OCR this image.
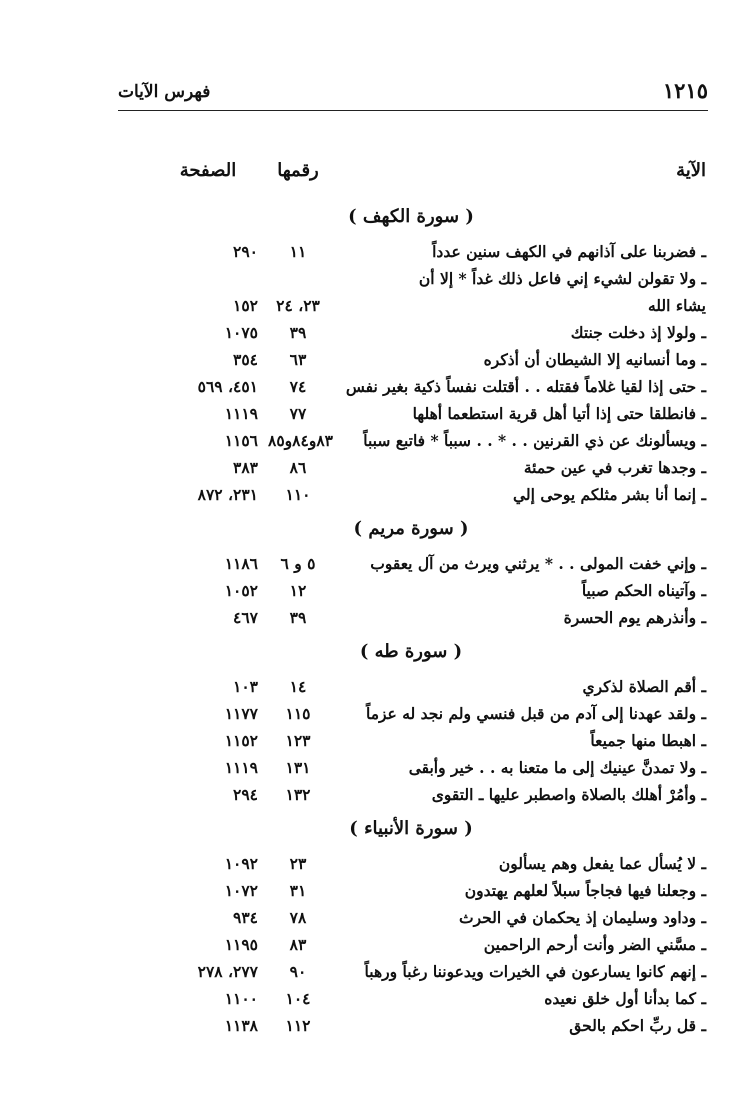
١٢١٥
فهرس الآيات
الآية
رقمها
الصفحة
( سورة الكهف )
ـ فضربنا على آذانهم في الكهف سنين عدداً
١١
٢٩٠
ـ ولا تقولن لشيء إني فاعل ذلك غداً * إلا أن
يشاء الله
٢٣، ٢٤
١٥٢
ـ ولولا إذ دخلت جنتك
٣٩
١٠٧٥
ـ وما أنسانيه إلا الشيطان أن أذكره
٦٣
٣٥٤
ـ حتى إذا لقيا غلاماً فقتله . . أقتلت نفساً ذكية بغير نفس
٧٤
٤٥١، ٥٦٩
ـ فانطلقا حتى إذا أتيا أهل قرية استطعما أهلها
٧٧
١١١٩
ـ ويسألونك عن ذي القرنين . . * . . سبباً * فاتبع سبباً
٨٣و٨٤و٨٥
١١٥٦
ـ وجدها تغرب في عين حمئة
٨٦
٣٨٣
ـ إنما أنا بشر مثلكم يوحى إلي
١١٠
٢٣١، ٨٧٢
( سورة مريم )
ـ وإني خفت المولى . . * يرثني ويرث من آل يعقوب
٥ و ٦
١١٨٦
ـ وآتيناه الحكم صبياً
١٢
١٠٥٢
ـ وأنذرهم يوم الحسرة
٣٩
٤٦٧
( سورة طه )
ـ أقم الصلاة لذكري
١٤
١٠٣
ـ ولقد عهدنا إلى آدم من قبل فنسي ولم نجد له عزماً
١١٥
١١٧٧
ـ اهبطا منها جميعاً
١٢٣
١١٥٢
ـ ولا تمدنَّ عينيك إلى ما متعنا به . . خير وأبقى
١٣١
١١١٩
ـ وأمُرْ أهلك بالصلاة واصطبر عليها ـ التقوى
١٣٢
٢٩٤
( سورة الأنبياء )
ـ لا يُسأل عما يفعل وهم يسألون
٢٣
١٠٩٢
ـ وجعلنا فيها فجاجاً سبلاً لعلهم يهتدون
٣١
١٠٧٢
ـ وداود وسليمان إذ يحكمان في الحرث
٧٨
٩٣٤
ـ مسَّني الضر وأنت أرحم الراحمين
٨٣
١١٩٥
ـ إنهم كانوا يسارعون في الخيرات ويدعوننا رغباً ورهباً
٩٠
٢٧٧، ٢٧٨
ـ كما بدأنا أول خلق نعيده
١٠٤
١١٠٠
ـ قل ربِّ احكم بالحق
١١٢
١١٣٨
